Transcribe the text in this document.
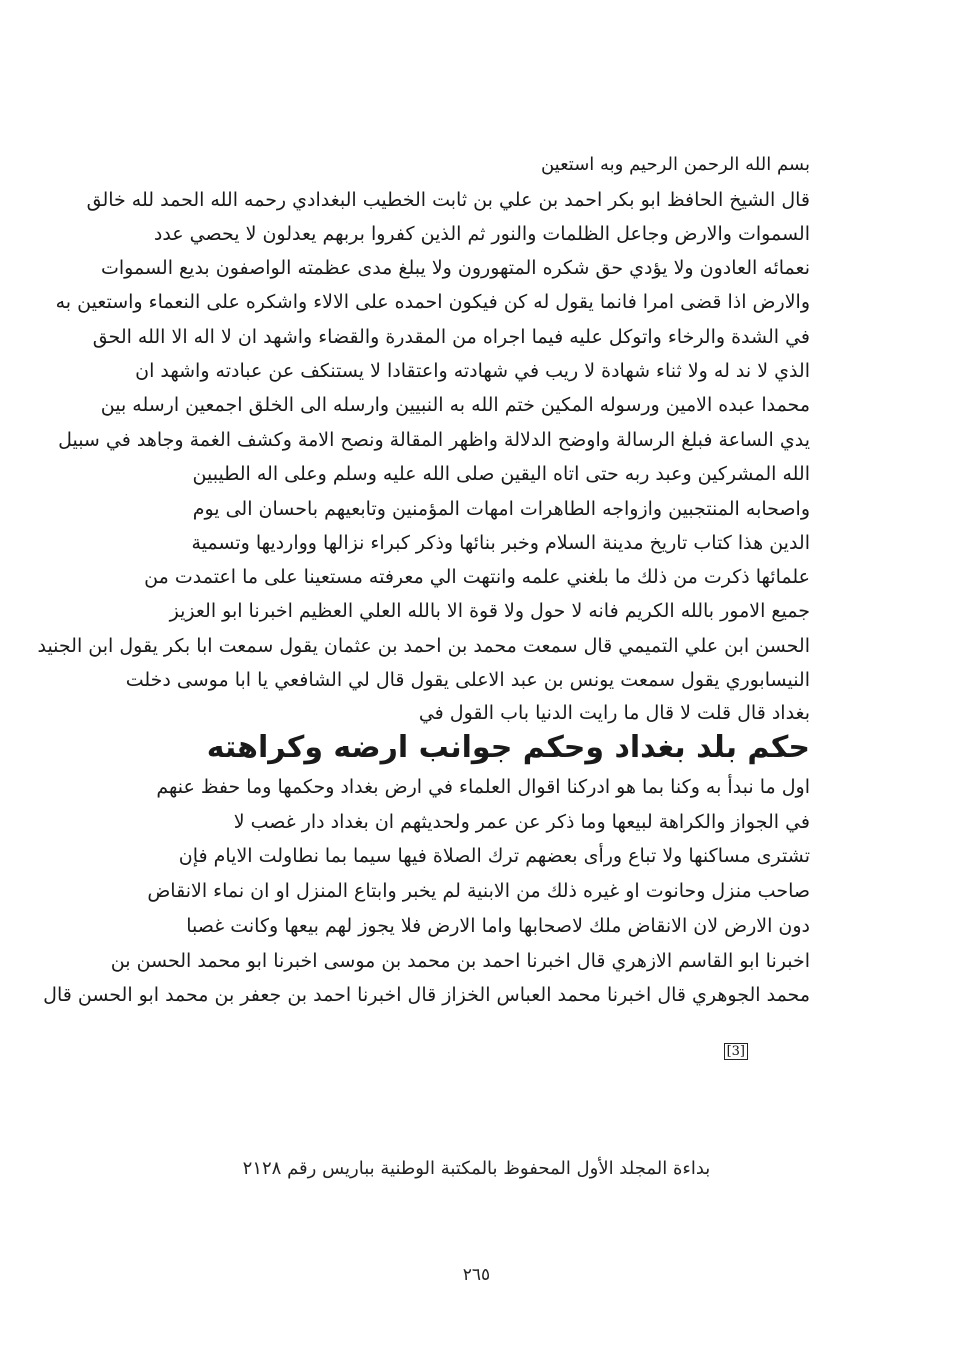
بسم الله الرحمن الرحيم وبه استعين
قال الشيخ الحافظ ابو بكر احمد بن علي بن ثابت الخطيب البغدادي رحمه الله الحمد لله خالق
السموات والارض وجاعل الظلمات والنور ثم الذين كفروا بربهم يعدلون لا يحصي عدد
نعمائه العادون ولا يؤدي حق شكره المتهورون ولا يبلغ مدى عظمته الواصفون بديع السموات
والارض اذا قضى امرا فانما يقول له كن فيكون احمده على الالاء واشكره على النعماء واستعين به
في الشدة والرخاء واتوكل عليه فيما اجراه من المقدرة والقضاء واشهد ان لا اله الا الله الحق
الذي لا ند له ولا ثناء شهادة لا ريب في شهادته واعتقادا لا يستنكف عن عبادته واشهد ان
محمدا عبده الامين ورسوله المكين ختم الله به النبيين وارسله الى الخلق اجمعين ارسله بين
يدي الساعة فبلغ الرسالة واوضح الدلالة واظهر المقالة ونصح الامة وكشف الغمة وجاهد في سبيل
الله المشركين وعبد ربه حتى اتاه اليقين صلى الله عليه وسلم وعلى اله الطيبين
واصحابه المنتجبين وازواجه الطاهرات امهات المؤمنين وتابعيهم باحسان الى يوم
الدين هذا كتاب تاريخ مدينة السلام وخبر بنائها وذكر كبراء نزالها ووارديها وتسمية
علمائها ذكرت من ذلك ما بلغني علمه وانتهت الي معرفته مستعينا على ما اعتمدت من
جميع الامور بالله الكريم فانه لا حول ولا قوة الا بالله العلي العظيم اخبرنا ابو العزيز
الحسن ابن علي التميمي قال سمعت محمد بن احمد بن عثمان يقول سمعت ابا بكر يقول ابن الجنيد
النيسابوري يقول سمعت يونس بن عبد الاعلى يقول قال لي الشافعي يا ابا موسى دخلت
بغداد قال قلت لا قال ما رايت الدنيا باب القول في
حكم بلد بغداد وحكم جوانب ارضه وكراهته
اول ما نبدأ به وكنا بما هو ادركنا اقوال العلماء في ارض بغداد وحكمها وما حفظ عنهم
في الجواز والكراهة لبيعها وما ذكر عن عمر ولحديثهم ان بغداد دار غصب لا
تشترى مساكنها ولا تباع ورأى بعضهم ترك الصلاة فيها سيما بما نطاولت الايام فإن
صاحب منزل وحانوت او غيره ذلك من الابنية لم يخبر وابتاع المنزل او ان نماء الانقاض
دون الارض لان الانقاض ملك لاصحابها واما الارض فلا يجوز لهم بيعها وكانت غصبا
اخبرنا ابو القاسم الازهري قال اخبرنا احمد بن محمد بن موسى اخبرنا ابو محمد الحسن بن
محمد الجوهري قال اخبرنا محمد العباس الخزاز قال اخبرنا احمد بن جعفر بن محمد ابو الحسن قال
[3]
بداءة المجلد الأول المحفوظ بالمكتبة الوطنية بباريس رقم ٢١٢٨
٢٦٥
